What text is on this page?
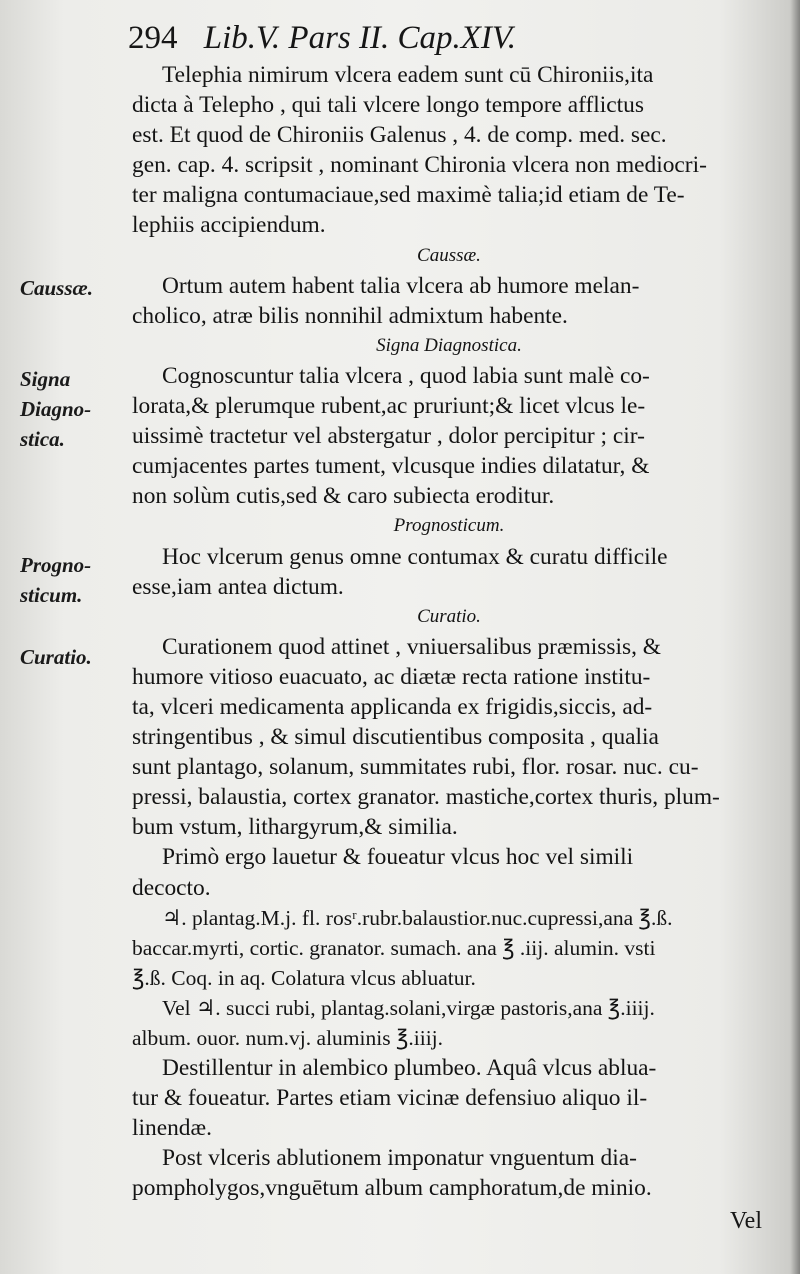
294 Lib.V. Pars II. Cap.XIV.
Caussæ.
Signa Diagno-stica.
Progno-sticum.
Curatio.
Telephia nimirum vlcera eadem sunt cū Chironiis,ita
dicta à Telepho , qui tali vlcere longo tempore afflictus
est. Et quod de Chironiis Galenus , 4. de comp. med. sec.
gen. cap. 4. scripsit , nominant Chironia vlcera non mediocri-
ter maligna contumaciaue,sed maximè talia;id etiam de Te-
lephiis accipiendum.
Caussæ.
Ortum autem habent talia vlcera ab humore melan-
cholico, atræ bilis nonnihil admixtum habente.
Signa Diagnostica.
Cognoscuntur talia vlcera , quod labia sunt malè co-
lorata,& plerumque rubent,ac pruriunt;& licet vlcus le-
uissimè tractetur vel abstergatur , dolor percipitur ; cir-
cumjacentes partes tument, vlcusque indies dilatatur, &
non solùm cutis,sed & caro subiecta eroditur.
Prognosticum.
Hoc vlcerum genus omne contumax & curatu difficile
esse,iam antea dictum.
Curatio.
Curationem quod attinet , vniuersalibus præmissis, &
humore vitioso euacuato, ac diætæ recta ratione institu-
ta, vlceri medicamenta applicanda ex frigidis,siccis, ad-
stringentibus , & simul discutientibus composita , qualia
sunt plantago, solanum, summitates rubi, flor. rosar. nuc. cu-
pressi, balaustia, cortex granator. mastiche,cortex thuris, plum-
bum vstum, lithargyrum,& similia.
Primò ergo lauetur & foueatur vlcus hoc vel simili
decocto.
♃. plantag.M.j. fl. rosʳ.rubr.balaustior.nuc.cupressi,ana ℥.ß.
baccar.myrti, cortic. granator. sumach. ana ℥ .iij. alumin. vsti
℥.ß. Coq. in aq. Colatura vlcus abluatur.
Vel ♃. succi rubi, plantag.solani,virgæ pastoris,ana ℥.iiij.
album. ouor. num.vj. aluminis ℥.iiij.
Destillentur in alembico plumbeo. Aquâ vlcus ablua-
tur & foueatur. Partes etiam vicinæ defensiuo aliquo il-
linendæ.
Post vlceris ablutionem imponatur vnguentum dia-
pompholygos,vnguētum album camphoratum,de minio.
Vel
